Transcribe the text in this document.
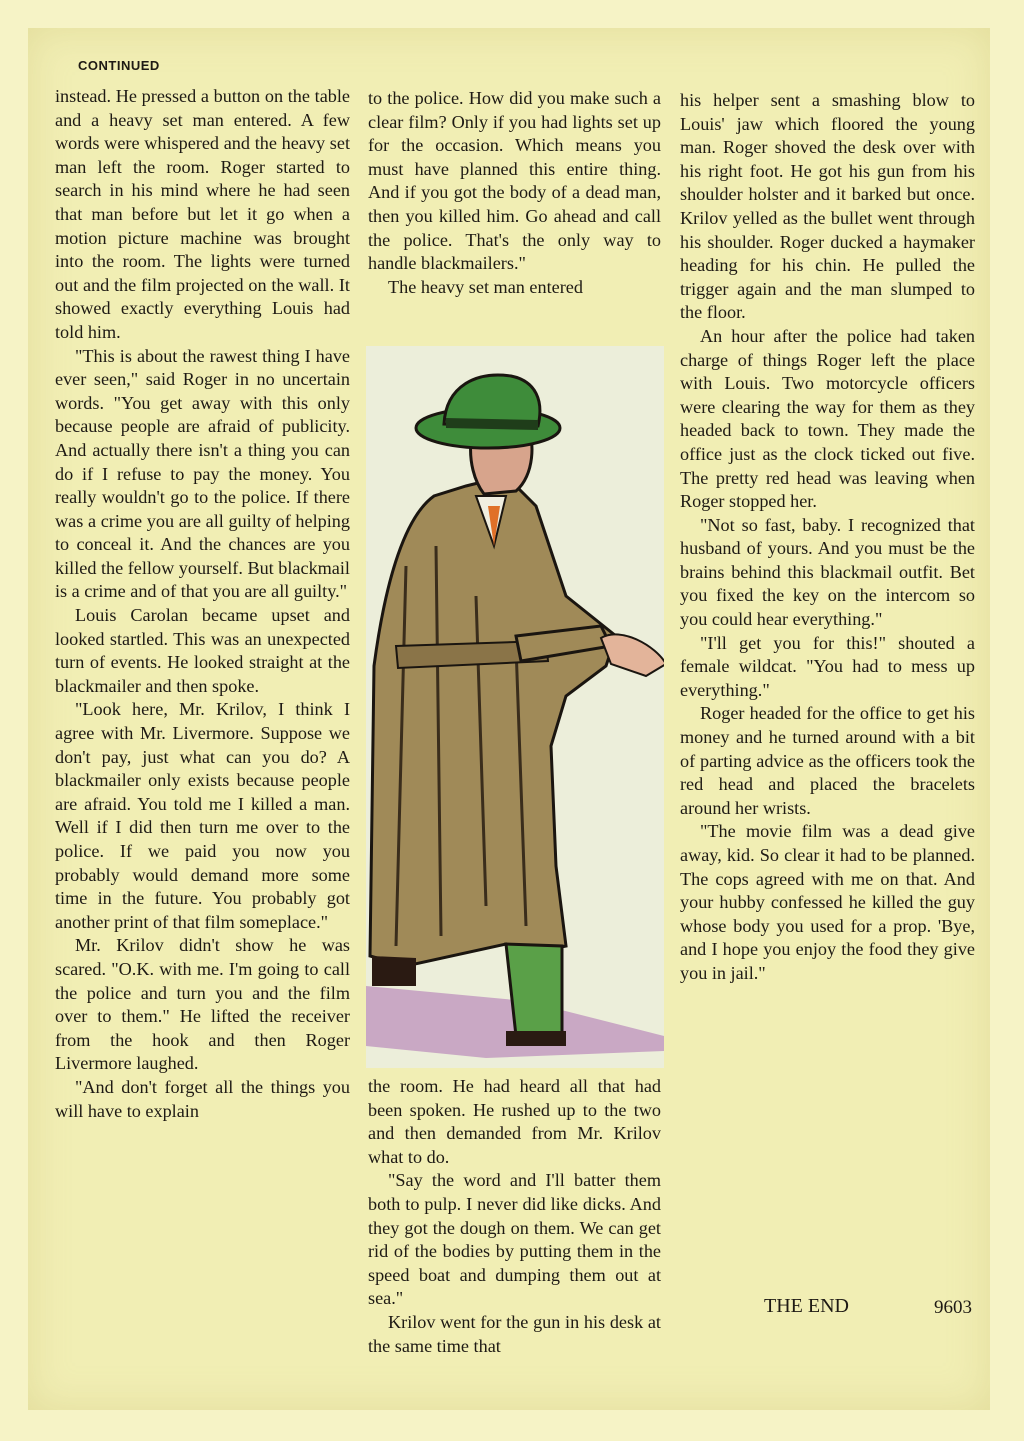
CONTINUED

instead. He pressed a button on the table and a heavy set man entered. A few words were whispered and the heavy set man left the room. Roger started to search in his mind where he had seen that man before but let it go when a motion picture machine was brought into the room. The lights were turned out and the film projected on the wall. It showed exactly everything Louis had told him.

"This is about the rawest thing I have ever seen," said Roger in no uncertain words. "You get away with this only because people are afraid of publicity. And actually there isn't a thing you can do if I refuse to pay the money. You really wouldn't go to the police. If there was a crime you are all guilty of helping to conceal it. And the chances are you killed the fellow yourself. But blackmail is a crime and of that you are all guilty."

Louis Carolan became upset and looked startled. This was an unexpected turn of events. He looked straight at the blackmailer and then spoke.

"Look here, Mr. Krilov, I think I agree with Mr. Livermore. Suppose we don't pay, just what can you do? A blackmailer only exists because people are afraid. You told me I killed a man. Well if I did then turn me over to the police. If we paid you now you probably would demand more some time in the future. You probably got another print of that film someplace."

Mr. Krilov didn't show he was scared. "O.K. with me. I'm going to call the police and turn you and the film over to them." He lifted the receiver from the hook and then Roger Livermore laughed.

"And don't forget all the things you will have to explain

to the police. How did you make such a clear film? Only if you had lights set up for the occasion. Which means you must have planned this entire thing. And if you got the body of a dead man, then you killed him. Go ahead and call the police. That's the only way to handle blackmailers."

The heavy set man entered

the room. He had heard all that had been spoken. He rushed up to the two and then demanded from Mr. Krilov what to do.

"Say the word and I'll batter them both to pulp. I never did like dicks. And they got the dough on them. We can get rid of the bodies by putting them in the speed boat and dumping them out at sea."

Krilov went for the gun in his desk at the same time that

his helper sent a smashing blow to Louis' jaw which floored the young man. Roger shoved the desk over with his right foot. He got his gun from his shoulder holster and it barked but once. Krilov yelled as the bullet went through his shoulder. Roger ducked a haymaker heading for his chin. He pulled the trigger again and the man slumped to the floor.

An hour after the police had taken charge of things Roger left the place with Louis. Two motorcycle officers were clearing the way for them as they headed back to town. They made the office just as the clock ticked out five. The pretty red head was leaving when Roger stopped her.

"Not so fast, baby. I recognized that husband of yours. And you must be the brains behind this blackmail outfit. Bet you fixed the key on the intercom so you could hear everything."

"I'll get you for this!" shouted a female wildcat. "You had to mess up everything."

Roger headed for the office to get his money and he turned around with a bit of parting advice as the officers took the red head and placed the bracelets around her wrists.

"The movie film was a dead give away, kid. So clear it had to be planned. The cops agreed with me on that. And your hubby confessed he killed the guy whose body you used for a prop. 'Bye, and I hope you enjoy the food they give you in jail."

THE END	9603
